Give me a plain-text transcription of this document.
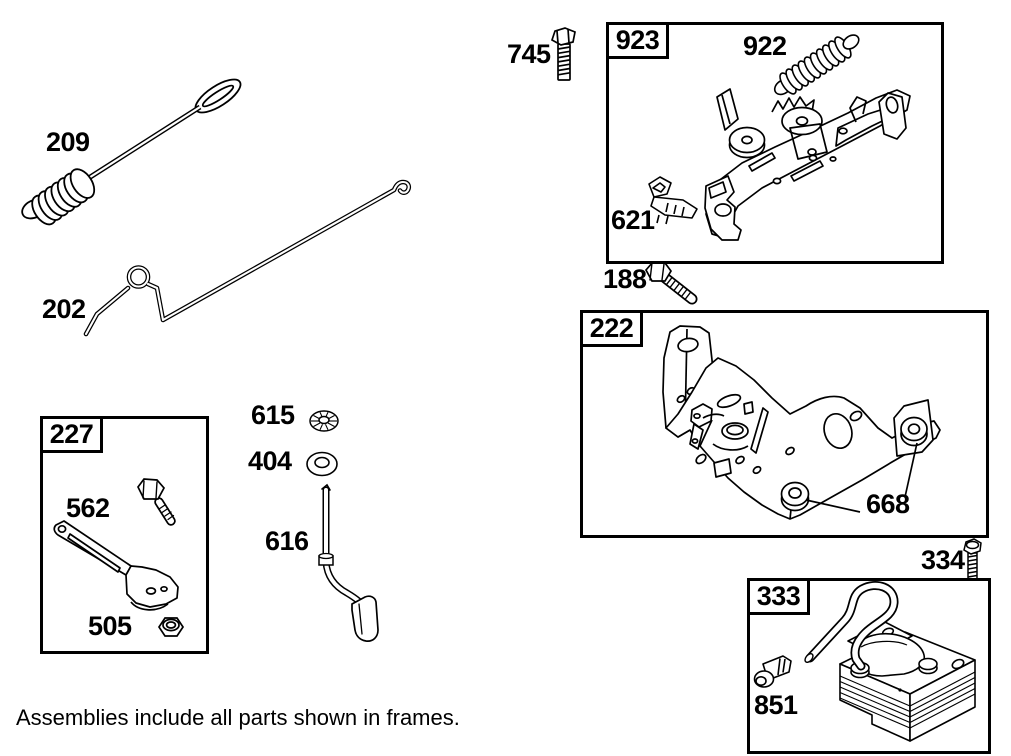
923
222
227
333
209
202
745	922
621
188
668
615
404
616
562
505
334
851
Assemblies include all parts shown in frames.
